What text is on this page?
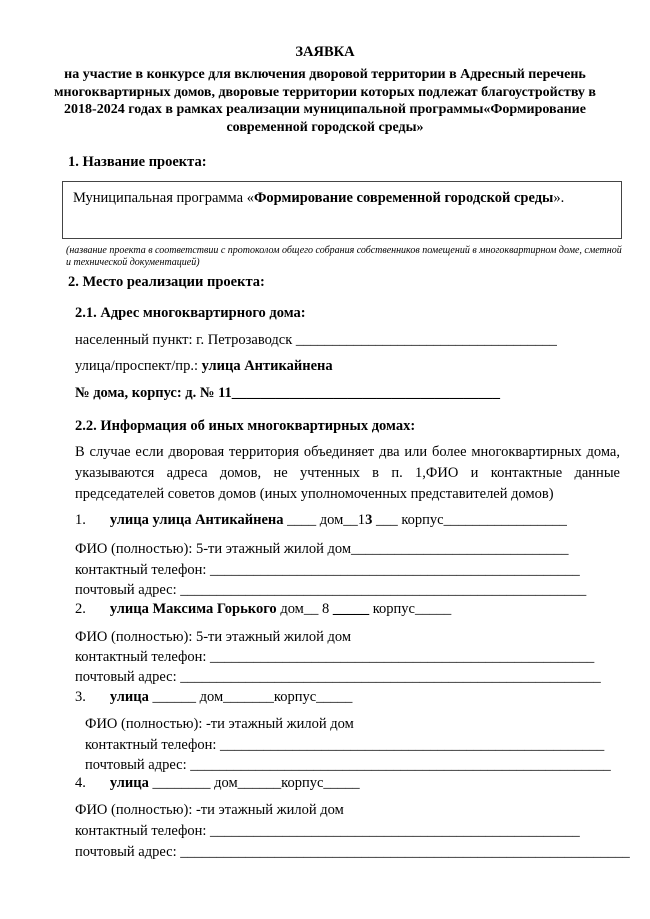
ЗАЯВКА
на участие в конкурсе для включения дворовой территории в Адресный перечень многоквартирных домов, дворовые территории которых подлежат благоустройству в 2018-2024 годах в рамках реализации муниципальной программы«Формирование современной городской среды»
1. Название проекта:
Муниципальная программа «Формирование современной городской среды».
(название проекта в соответствии с протоколом общего собрания собственников помещений в многоквартирном доме, сметной и технической документацией)
2. Место реализации проекта:
2.1. Адрес многоквартирного дома:
населенный пункт: г. Петрозаводск ____________________________________
улица/проспект/пр.: улица Антикайнена
№ дома, корпус: д. № 11_____________________________________
2.2. Информация об иных многоквартирных домах:
В случае если дворовая территория объединяет два или более многоквартирных дома, указываются адреса домов, не учтенных в п. 1,ФИО и контактные данные председателей советов домов (иных уполномоченных представителей домов)
1. улица улица Антикайнена ____ дом__13 ___ корпус_________________
ФИО (полностью): 5-ти этажный жилой дом______________________________
контактный телефон: ___________________________________________________
почтовый адрес: ________________________________________________________
2. улица Максима Горького дом__ 8 _____ корпус_____
ФИО (полностью): 5-ти этажный жилой дом
контактный телефон: _____________________________________________________
почтовый адрес: __________________________________________________________
3. улица ______ дом_______корпус_____
ФИО (полностью): -ти этажный жилой дом
контактный телефон: _____________________________________________________
почтовый адрес: __________________________________________________________
4. улица ________ дом______корпус_____
ФИО (полностью): -ти этажный жилой дом
контактный телефон: ___________________________________________________
почтовый адрес: ______________________________________________________________
